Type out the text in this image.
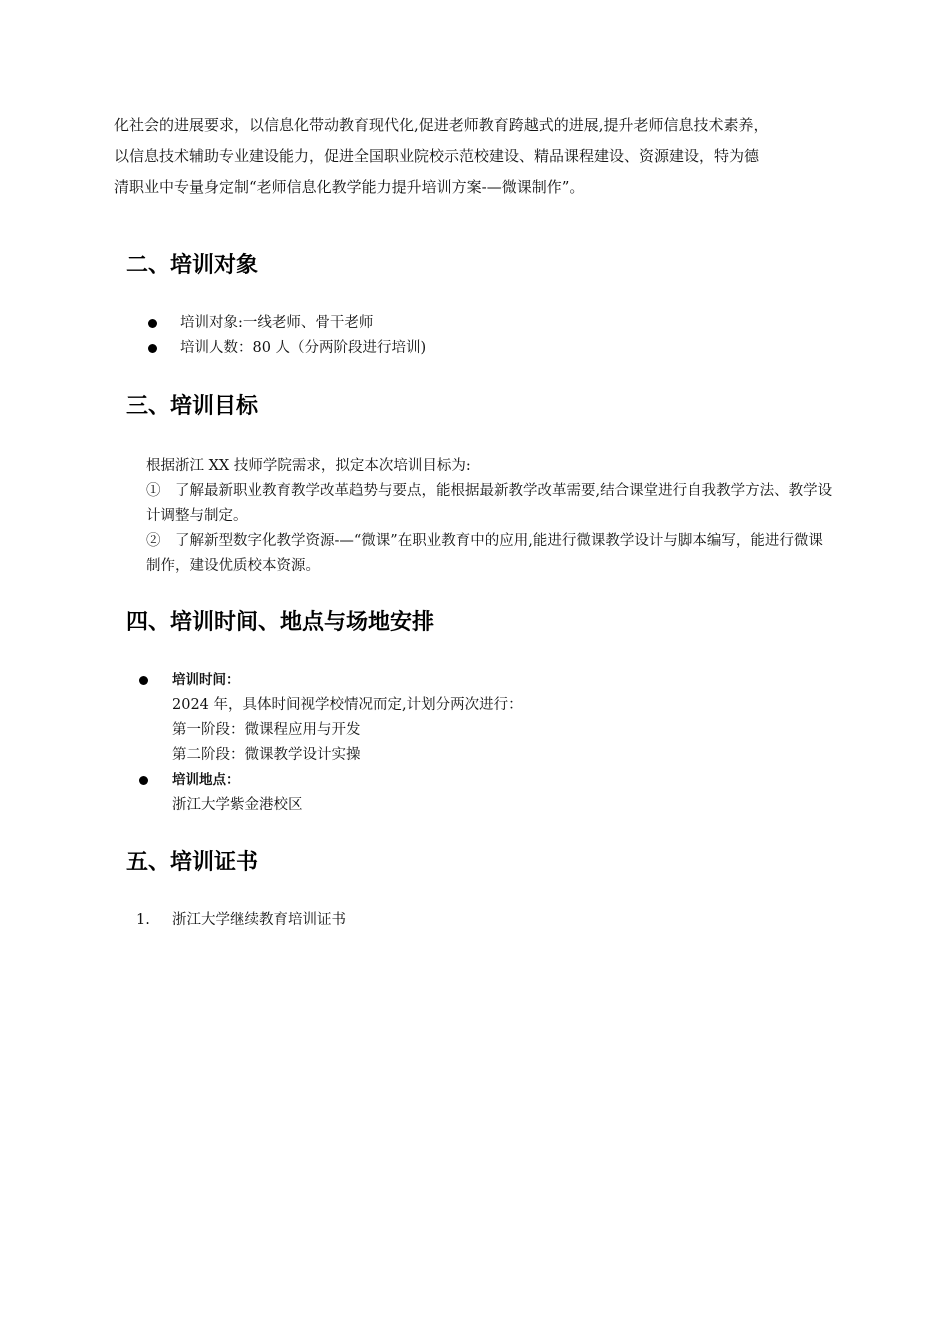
化社会的进展要求，以信息化带动教育现代化,促进老师教育跨越式的进展,提升老师信息技术素养，

以信息技术辅助专业建设能力，促进全国职业院校示范校建设、精品课程建设、资源建设，特为德

清职业中专量身定制“老师信息化教学能力提升培训方案-—微课制作”。

二、培训对象
培训对象:一线老师、骨干老师
培训人数：80 人（分两阶段进行培训)
三、培训目标

根据浙江 XX 技师学院需求，拟定本次培训目标为:

①　了解最新职业教育教学改革趋势与要点，能根据最新教学改革需要,结合课堂进行自我教学方法、教学设计调整与制定。

②　了解新型数字化教学资源-—“微课”在职业教育中的应用,能进行微课教学设计与脚本编写，能进行微课制作，建设优质校本资源。

四、培训时间、地点与场地安排
培训时间：
2024 年，具体时间视学校情况而定,计划分两次进行：
第一阶段：微课程应用与开发
第二阶段：微课教学设计实操
培训地点：
浙江大学紫金港校区
五、培训证书
1. 浙江大学继续教育培训证书
